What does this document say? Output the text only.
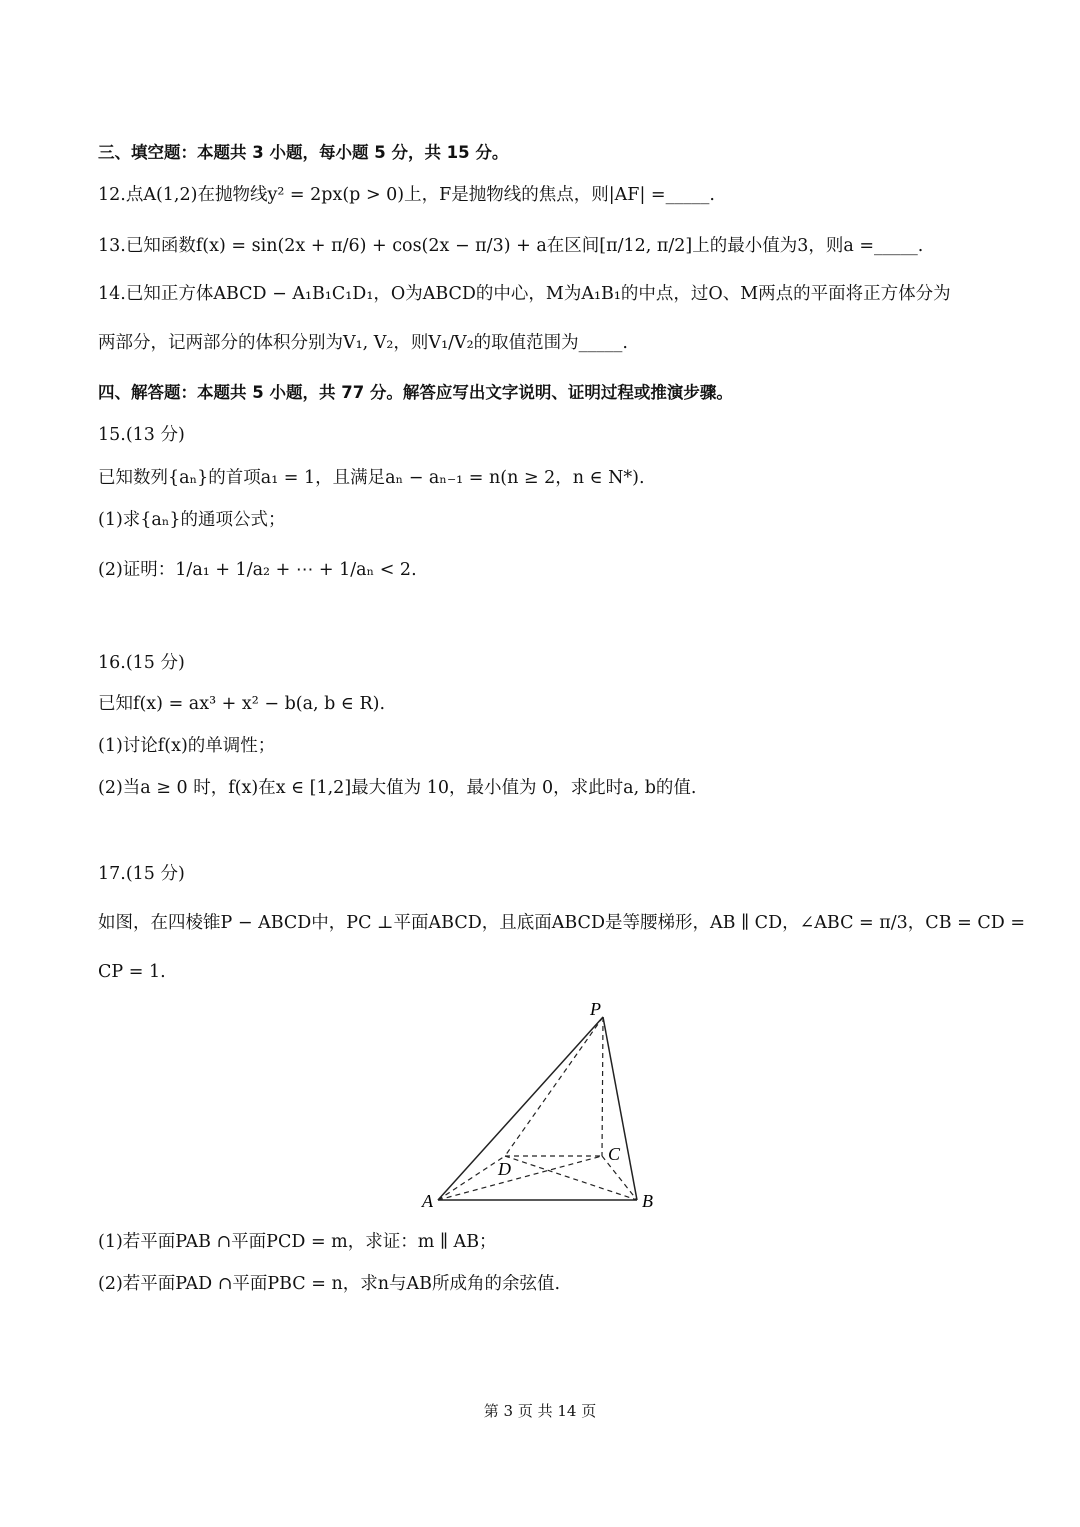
三、填空题：本题共 3 小题，每小题 5 分，共 15 分。
12.点A(1,2)在抛物线y² = 2px(p > 0)上，F是抛物线的焦点，则|AF| =_____.
13.已知函数f(x) = sin(2x + π/6) + cos(2x − π/3) + a在区间[π/12, π/2]上的最小值为3，则a =_____.
14.已知正方体ABCD − A₁B₁C₁D₁，O为ABCD的中心，M为A₁B₁的中点，过O、M两点的平面将正方体分为
两部分，记两部分的体积分别为V₁, V₂，则V₁/V₂的取值范围为_____.
四、解答题：本题共 5 小题，共 77 分。解答应写出文字说明、证明过程或推演步骤。
15.(13 分)
已知数列{aₙ}的首项a₁ = 1，且满足aₙ − aₙ₋₁ = n(n ≥ 2，n ∈ N*).
(1)求{aₙ}的通项公式；
(2)证明：1/a₁ + 1/a₂ + ⋯ + 1/aₙ < 2.
16.(15 分)
已知f(x) = ax³ + x² − b(a, b ∈ R).
(1)讨论f(x)的单调性；
(2)当a ≥ 0 时，f(x)在x ∈ [1,2]最大值为 10，最小值为 0，求此时a, b的值.
17.(15 分)
如图，在四棱锥P − ABCD中，PC ⊥平面ABCD，且底面ABCD是等腰梯形，AB ∥ CD，∠ABC = π/3，CB = CD =
CP = 1.
P
A	B
C
D
(1)若平面PAB ∩平面PCD = m，求证：m ∥ AB；
(2)若平面PAD ∩平面PBC = n，求n与AB所成角的余弦值.
第 3 页 共 14 页
